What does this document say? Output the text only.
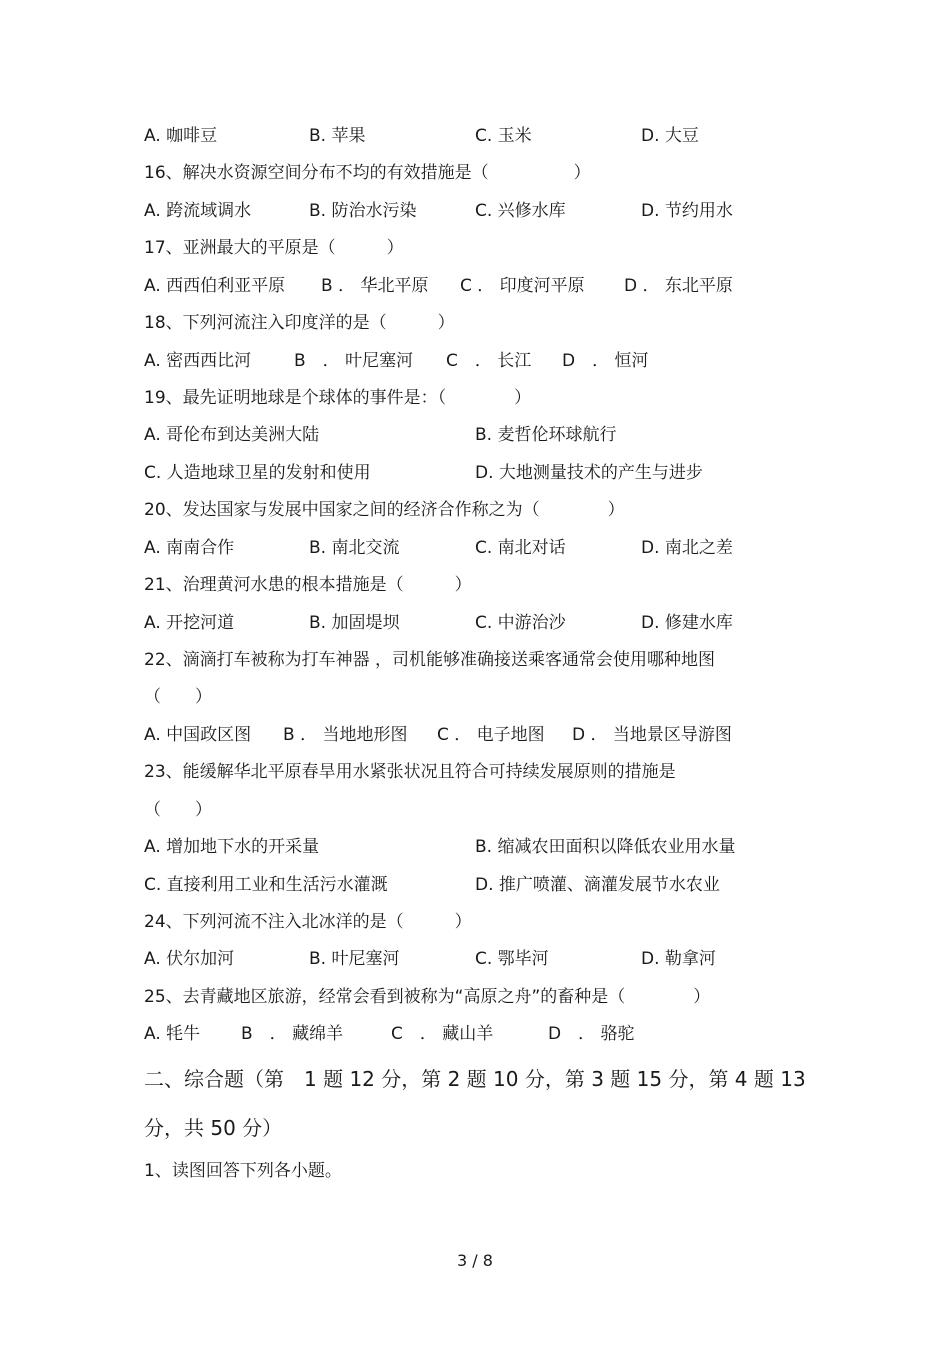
A. 咖啡豆	B. 苹果	C. 玉米	D. 大豆
16、解决水资源空间分布不均的有效措施是（　　　　　）
A. 跨流域调水	B. 防治水污染	C. 兴修水库	D. 节约用水
17、亚洲最大的平原是（　　　）
A. 西西伯利亚平原 B ． 华北平原 C ． 印度河平原 D ． 东北平原
18、下列河流注入印度洋的是（　　　）
A. 密西西比河	B　． 叶尼塞河 C　． 长江 D　． 恒河
19、最先证明地球是个球体的事件是：（　　　　）
A. 哥伦布到达美洲大陆	B. 麦哲伦环球航行
C. 人造地球卫星的发射和使用	D. 大地测量技术的产生与进步
20、发达国家与发展中国家之间的经济合作称之为（　　　　）
A. 南南合作	B. 南北交流	C. 南北对话	D. 南北之差
21、治理黄河水患的根本措施是（　　　）
A. 开挖河道	B. 加固堤坝	C. 中游治沙	D. 修建水库
22、滴滴打车被称为打车神器 ，司机能够准确接送乘客通常会使用哪种地图
（　　）
A. 中国政区图 B ． 当地地形图 C ． 电子地图 D ． 当地景区导游图
23、能缓解华北平原春旱用水紧张状况且符合可持续发展原则的措施是
（　　）
A. 增加地下水的开采量	B. 缩减农田面积以降低农业用水量
C. 直接利用工业和生活污水灌溉	D. 推广喷灌、滴灌发展节水农业
24、下列河流不注入北冰洋的是（　　　）
A. 伏尔加河	B. 叶尼塞河	C. 鄂毕河	D. 勒拿河
25、去青藏地区旅游，经常会看到被称为“高原之舟”的畜种是（　　　　）
A. 牦牛 B　． 藏绵羊	C　． 藏山羊	D　． 骆驼
二、综合题（第　1 题 12 分，第 2 题 10 分，第 3 题 15 分，第 4 题 13
分，共 50 分）
1、读图回答下列各小题。
3 / 8
